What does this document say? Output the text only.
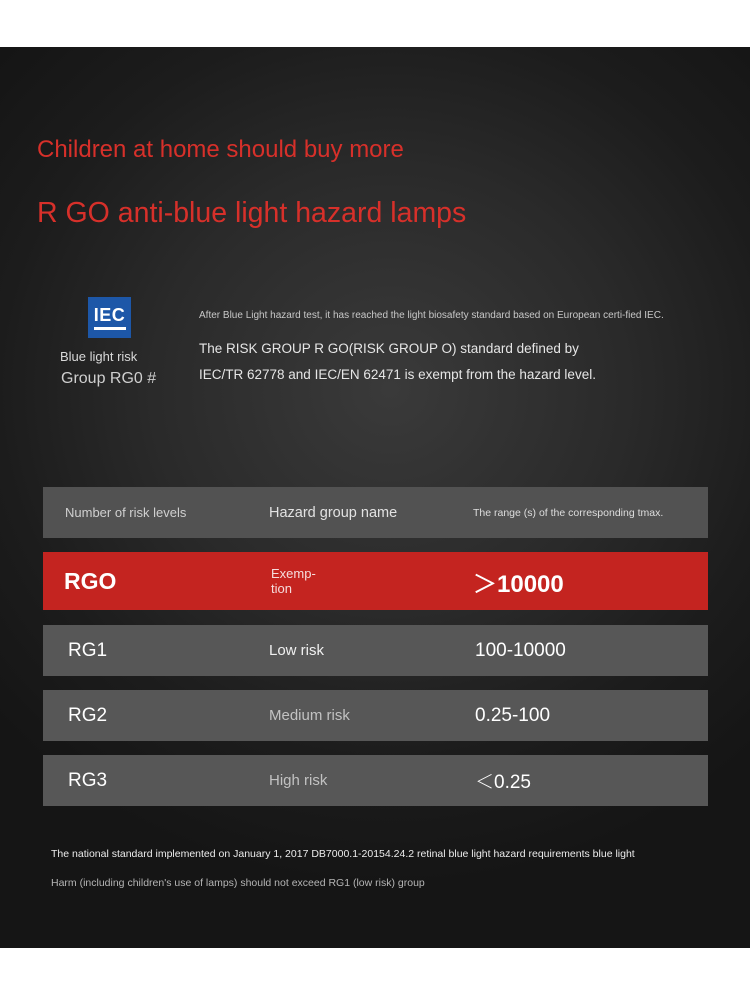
Children at home should buy more
R GO anti-blue light hazard lamps
IEC
Blue light risk
Group RG0 #

After Blue Light hazard test, it has reached the light biosafety standard based on European certi-fied IEC.

The RISK GROUP R GO(RISK GROUP O) standard defined by
IEC/TR 62778 and IEC/EN 62471 is exempt from the hazard level.
Number of risk levels	Hazard group name	The range (s) of the corresponding tmax.
RGO	Exemp-tion	＞10000
RG1	Low risk	100-10000
RG2	Medium risk	0.25-100
RG3	High risk	＜0.25
The national standard implemented on January 1, 2017 DB7000.1-20154.24.2 retinal blue light hazard requirements blue light
Harm (including children's use of lamps) should not exceed RG1 (low risk) group
